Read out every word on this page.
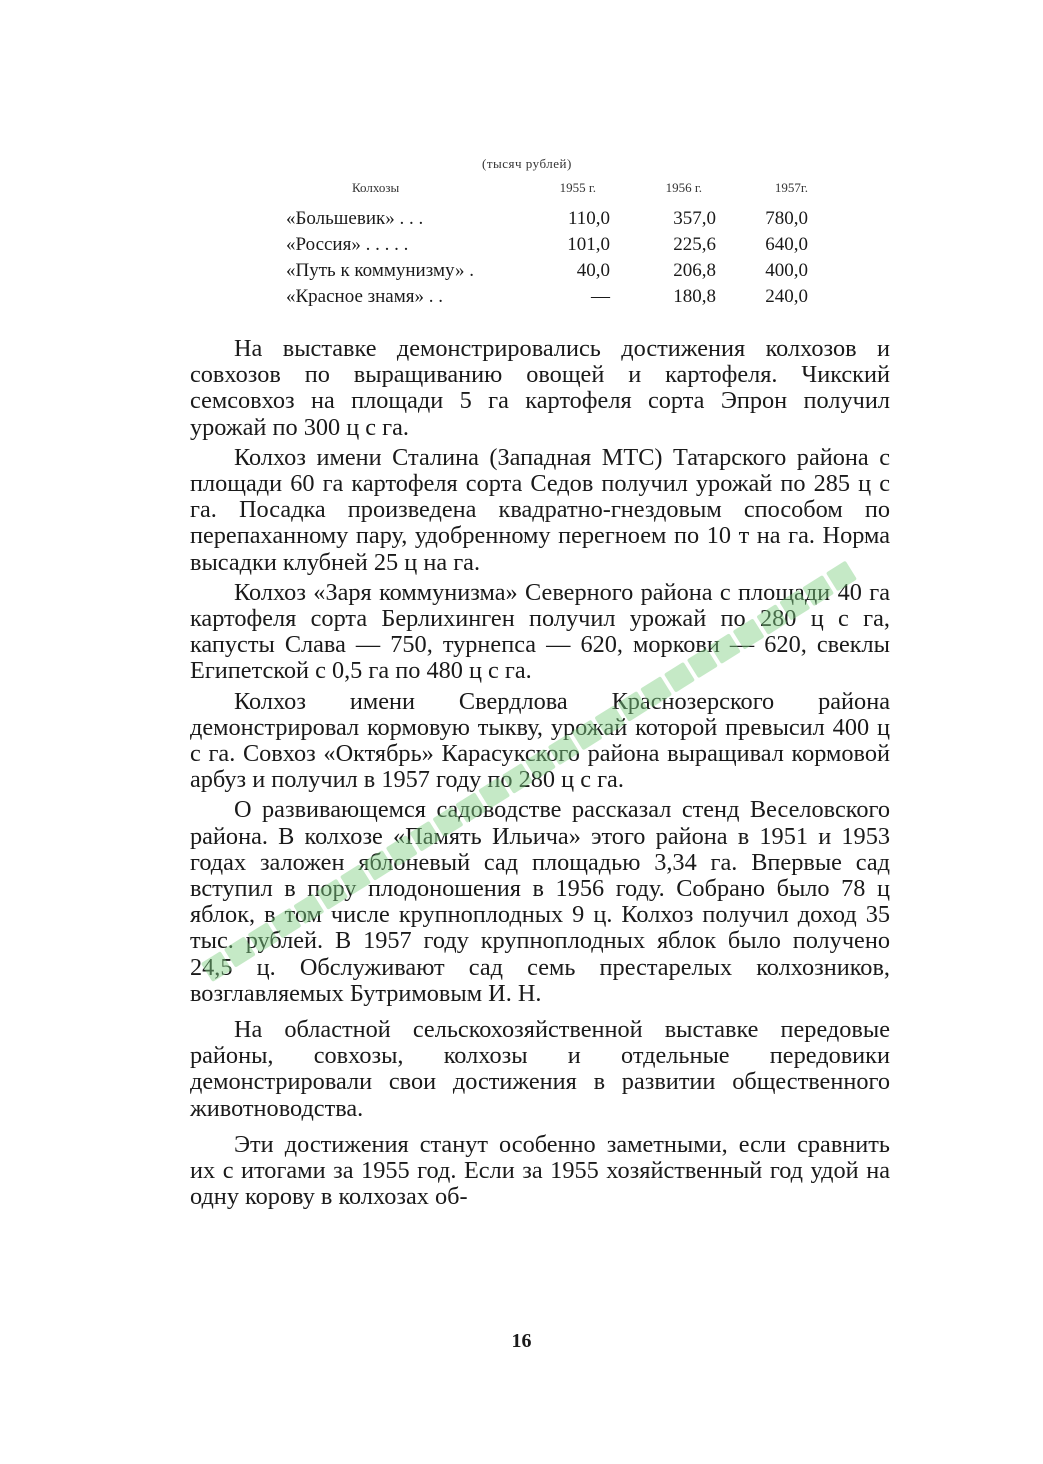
(тысяч рублей)
Колхозы	1955 г.	1956 г.	1957г.
«Большевик» . . .	110,0	357,0	780,0
«Россия» . . . . .	101,0	225,6	640,0
«Путь к коммунизму» .	40,0	206,8	400,0
«Красное знамя» . .	—	180,8	240,0

На выставке демонстрировались достижения колхозов и совхозов по выращиванию овощей и картофеля. Чикский семсовхоз на площади 5 га картофеля сорта Эпрон получил урожай по 300 ц с га.

Колхоз имени Сталина (Западная МТС) Татарского района с площади 60 га картофеля сорта Седов получил урожай по 285 ц с га. Посадка произведена квадратно-гнездовым способом по перепаханному пару, удобренному перегноем по 10 т на га. Норма высадки клубней 25 ц на га.

Колхоз «Заря коммунизма» Северного района с площади 40 га картофеля сорта Берлихинген получил урожай по 280 ц с га, капусты Слава — 750, турнепса — 620, моркови — 620, свеклы Египетской с 0,5 га по 480 ц с га.

Колхоз имени Свердлова Краснозерского района демонстрировал кормовую тыкву, урожай которой превысил 400 ц с га. Совхоз «Октябрь» Карасукского района выращивал кормовой арбуз и получил в 1957 году по 280 ц с га.

О развивающемся садоводстве рассказал стенд Веселовского района. В колхозе «Память Ильича» этого района в 1951 и 1953 годах заложен яблоневый сад площадью 3,34 га. Впервые сад вступил в пору плодоношения в 1956 году. Собрано было 78 ц яблок, в том числе крупноплодных 9 ц. Колхоз получил доход 35 тыс. рублей. В 1957 году крупноплодных яблок было получено 24,5 ц. Обслуживают сад семь престарелых колхозников, возглавляемых Бутримовым И. Н.

На областной сельскохозяйственной выставке передовые районы, совхозы, колхозы и отдельные передовики демонстрировали свои достижения в развитии общественного животноводства.

Эти достижения станут особенно заметными, если сравнить их с итогами за 1955 год. Если за 1955 хозяйственный год удой на одну корову в колхозах об-

16
